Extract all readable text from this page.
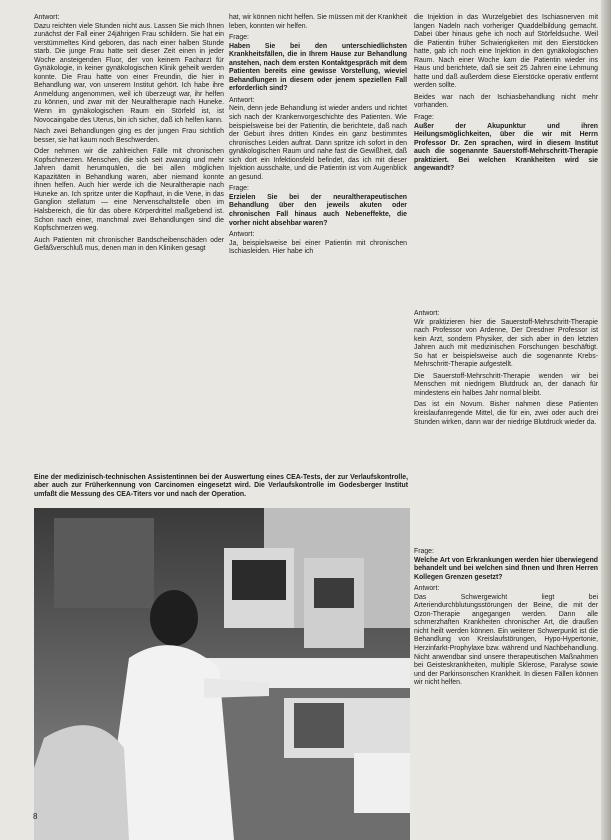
Antwort:

Dazu reichten viele Stunden nicht aus. Lassen Sie mich Ihnen zunächst der Fall einer 24jährigen Frau schildern. Sie hat ein verstümmeltes Kind geboren, das nach einer halben Stunde starb. Die junge Frau hatte seit dieser Zeit einen in jeder Woche ansteigenden Fluor, der von keinem Facharzt für Gynäkologie, in keiner gynäkologischen Klinik geheilt werden konnte. Die Frau hatte von einer Freundin, die hier in Behandlung war, von unserem Institut gehört. Ich habe ihre Anmeldung angenommen, weil ich überzeugt war, ihr helfen zu können, und zwar mit der Neuraltherapie nach Huneke. Wenn im gynäkologischen Raum ein Störfeld ist, ist Novocaingabe des Uterus, bin ich sicher, daß ich helfen kann.

Nach zwei Behandlungen ging es der jungen Frau sichtlich besser, sie hat kaum noch Beschwerden.

Oder nehmen wir die zahlreichen Fälle mit chronischen Kopfschmerzen. Menschen, die sich seit zwanzig und mehr Jahren damit herumquälen, die bei allen möglichen Kapazitäten in Behandlung waren, aber niemand konnte ihnen helfen. Auch hier werde ich die Neuraltherapie nach Huneke an. Ich spritze unter die Kopfhaut, in die Vene, in das Ganglion stellatum — eine Nervenschaltstelle oben im Halsbereich, die für das obere Körperdrittel maßgebend ist. Schon nach einer, manchmal zwei Behandlungen sind die Kopfschmerzen weg.

Auch Patienten mit chronischer Bandscheibenschäden oder Gefäßverschluß mus, denen man in den Kliniken gesagt

hat, wir können nicht helfen. Sie müssen mit der Krankheit leben, konnten wir helfen.

Frage:

Haben Sie bei den unterschiedlichsten Krankheitsfällen, die in Ihrem Hause zur Behandlung anstehen, nach dem ersten Kontaktgespräch mit dem Patienten bereits eine gewisse Vorstellung, wieviel Behandlungen in diesem oder jenem speziellen Fall erforderlich sind?

Antwort:

Nein, denn jede Behandlung ist wieder anders und richtet sich nach der Krankenvorgeschichte des Patienten. Wie beispielsweise bei der Patientin, die berichtete, daß nach der Geburt ihres dritten Kindes ein ganz bestimmtes chronisches Leiden auftrat. Dann spritze ich sofort in den gynäkologischen Raum und nahe fast die Gewißheit, daß sich dort ein Infektionsfeld befindet, das ich mit dieser Injektion ausschalte, und die Patientin ist vom Augenblick an gesund.

Frage:

Erzielen Sie bei der neuraltherapeutischen Behandlung über den jeweils akuten oder chronischen Fall hinaus auch Nebeneffekte, die vorher nicht absehbar waren?

Antwort:

Ja, beispielsweise bei einer Patientin mit chronischen Ischiasleiden. Hier habe ich

die Injektion in das Wurzelgebiet des Ischiasnerven mit langen Nadeln nach vorheriger Quaddelbildung gemacht. Dabei über hinaus gehe ich noch auf Störfeldsuche. Weil die Patientin früher Schwierigkeiten mit den Eierstöcken hatte, gab ich noch eine Injektion in den gynäkologischen Raum. Nach einer Woche kam die Patientin wieder ins Haus und berichtete, daß sie seit 25 Jahren eine Lehmung hatte und daß außerdem diese Eierstöcke operativ entfernt werden sollte.

Beides war nach der Ischiasbehandlung nicht mehr vorhanden.

Frage:

Außer der Akupunktur und ihren Heilungsmöglichkeiten, über die wir mit Herrn Professor Dr. Zen sprachen, wird in diesem Institut auch die sogenannte Sauerstoff-Mehrschritt-Therapie praktiziert. Bei welchen Krankheiten wird sie angewandt?

Antwort:

Wir praktizieren hier die Sauerstoff-Mehrschritt-Therapie nach Professor von Ardenne, Der Dresdner Professor ist kein Arzt, sondern Physiker, der sich aber in den letzten Jahren auch mit medizinischen Forschungen beschäftigt. So hat er beispielsweise auch die sogenannte Krebs-Mehrschritt-Therapie aufgestellt.

Die Sauerstoff-Mehrschritt-Therapie wenden wir bei Menschen mit niedrigem Blutdruck an, der danach für mindestens ein halbes Jahr normal bleibt.

Das ist ein Novum. Bisher nahmen diese Patienten kreislaufanregende Mittel, die für ein, zwei oder auch drei Stunden wirken, dann war der niedrige Blutdruck wieder da.

Frage:

Welche Art von Erkrankungen werden hier überwiegend behandelt und bei welchen sind Ihnen und Ihren Herren Kollegen Grenzen gesetzt?

Antwort:

Das Schwergewicht liegt bei Arteriendurchblutungsstörungen der Beine, die mit der Ozon-Therapie angegangen werden. Dann alle schmerzhaften Krankheiten chronischer Art, die draußen nicht heilt werden können. Ein weiterer Schwerpunkt ist die Behandlung von Kreislaufstörungen, Hypo-Hypertonie, Herzinfarkt-Prophylaxe bzw. während und Nachbehandlung. Nicht anwendbar sind unsere therapeutischen Maßnahmen bei Geisteskrankheiten, multiple Sklerose, Paralyse sowie und der Parkinsonschen Krankheit. In diesen Fällen können wir nicht helfen.

Eine der medizinisch-technischen Assistentinnen bei der Auswertung eines CEA-Tests, der zur Verlaufskontrolle, aber auch zur Früherkennung von Carcinomen eingesetzt wird. Die Verlaufskontrolle im Godesberger Institut umfaßt die Messung des CEA-Titers vor und nach der Operation.
8
